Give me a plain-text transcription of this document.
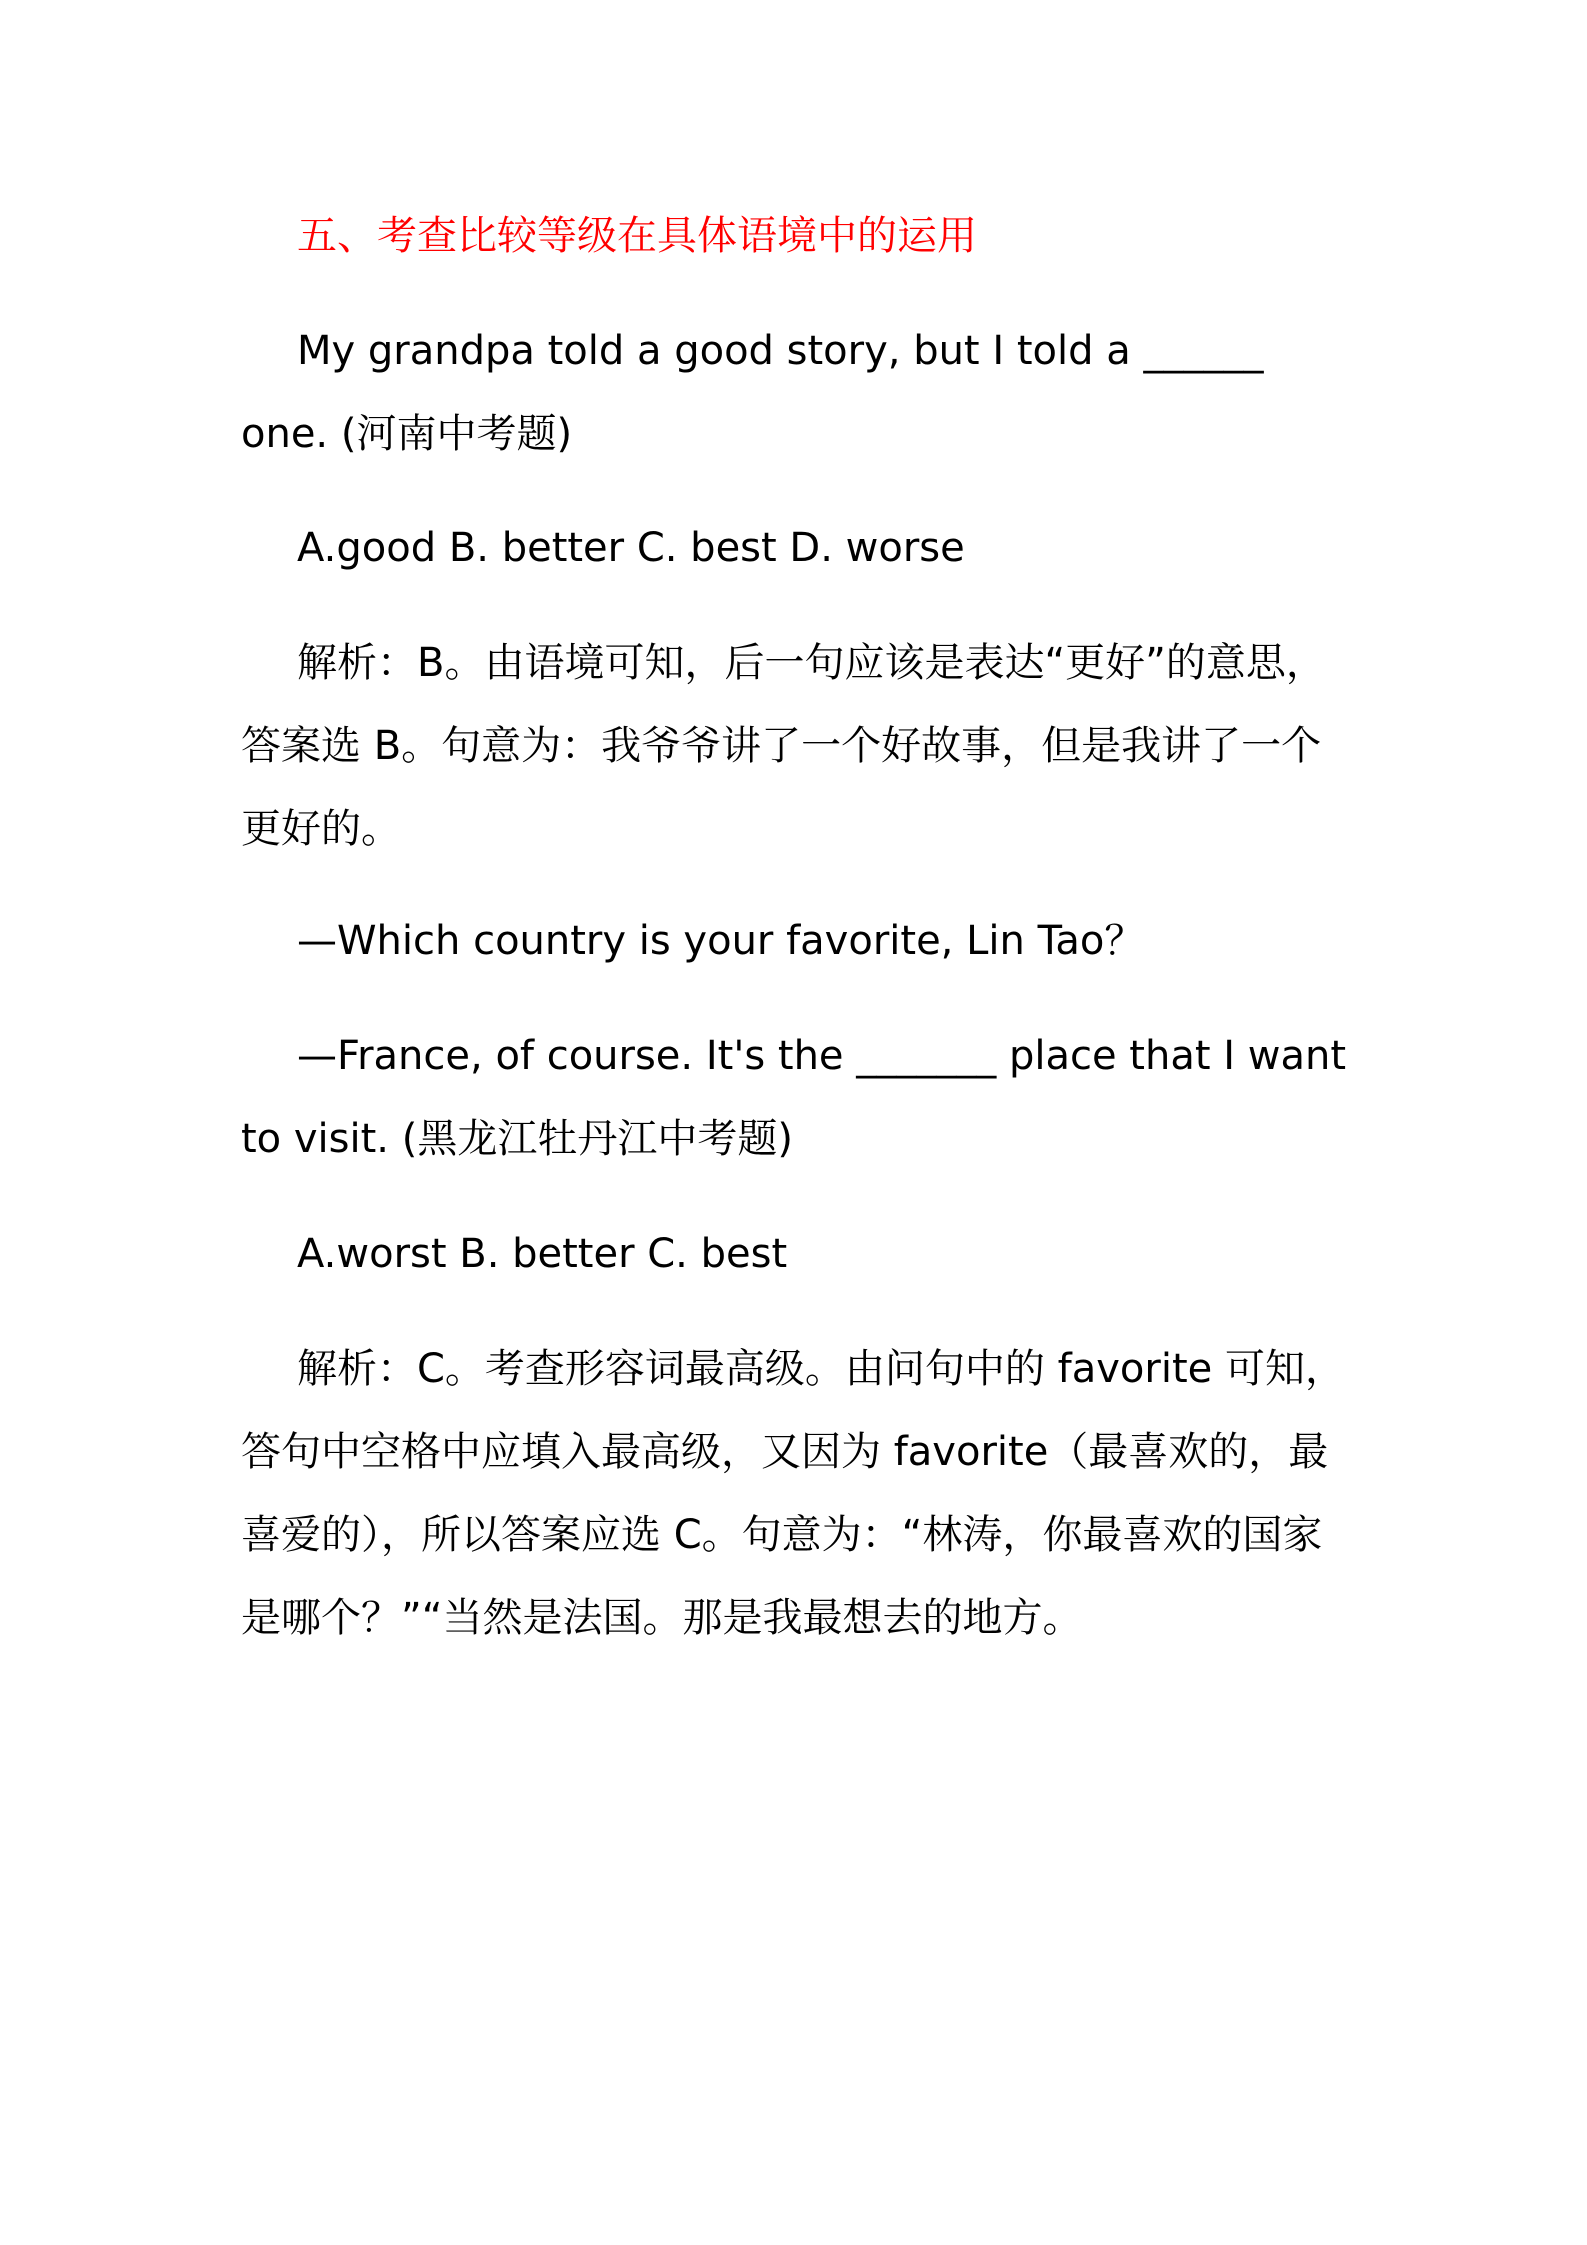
五、考查比较等级在具体语境中的运用

My grandpa told a good story, but I told a ______ one. (河南中考题)

A.good B. better C. best D. worse

解析：B。由语境可知，后一句应该是表达“更好”的意思，答案选 B。句意为：我爷爷讲了一个好故事，但是我讲了一个更好的。

—Which country is your favorite, Lin Tao？

—France, of course. It's the _______ place that I want to visit. (黑龙江牡丹江中考题)

A.worst B. better C. best

解析：C。考查形容词最高级。由问句中的 favorite 可知，答句中空格中应填入最高级，又因为 favorite（最喜欢的，最喜爱的），所以答案应选 C。句意为：“林涛，你最喜欢的国家是哪个？”“当然是法国。那是我最想去的地方。
